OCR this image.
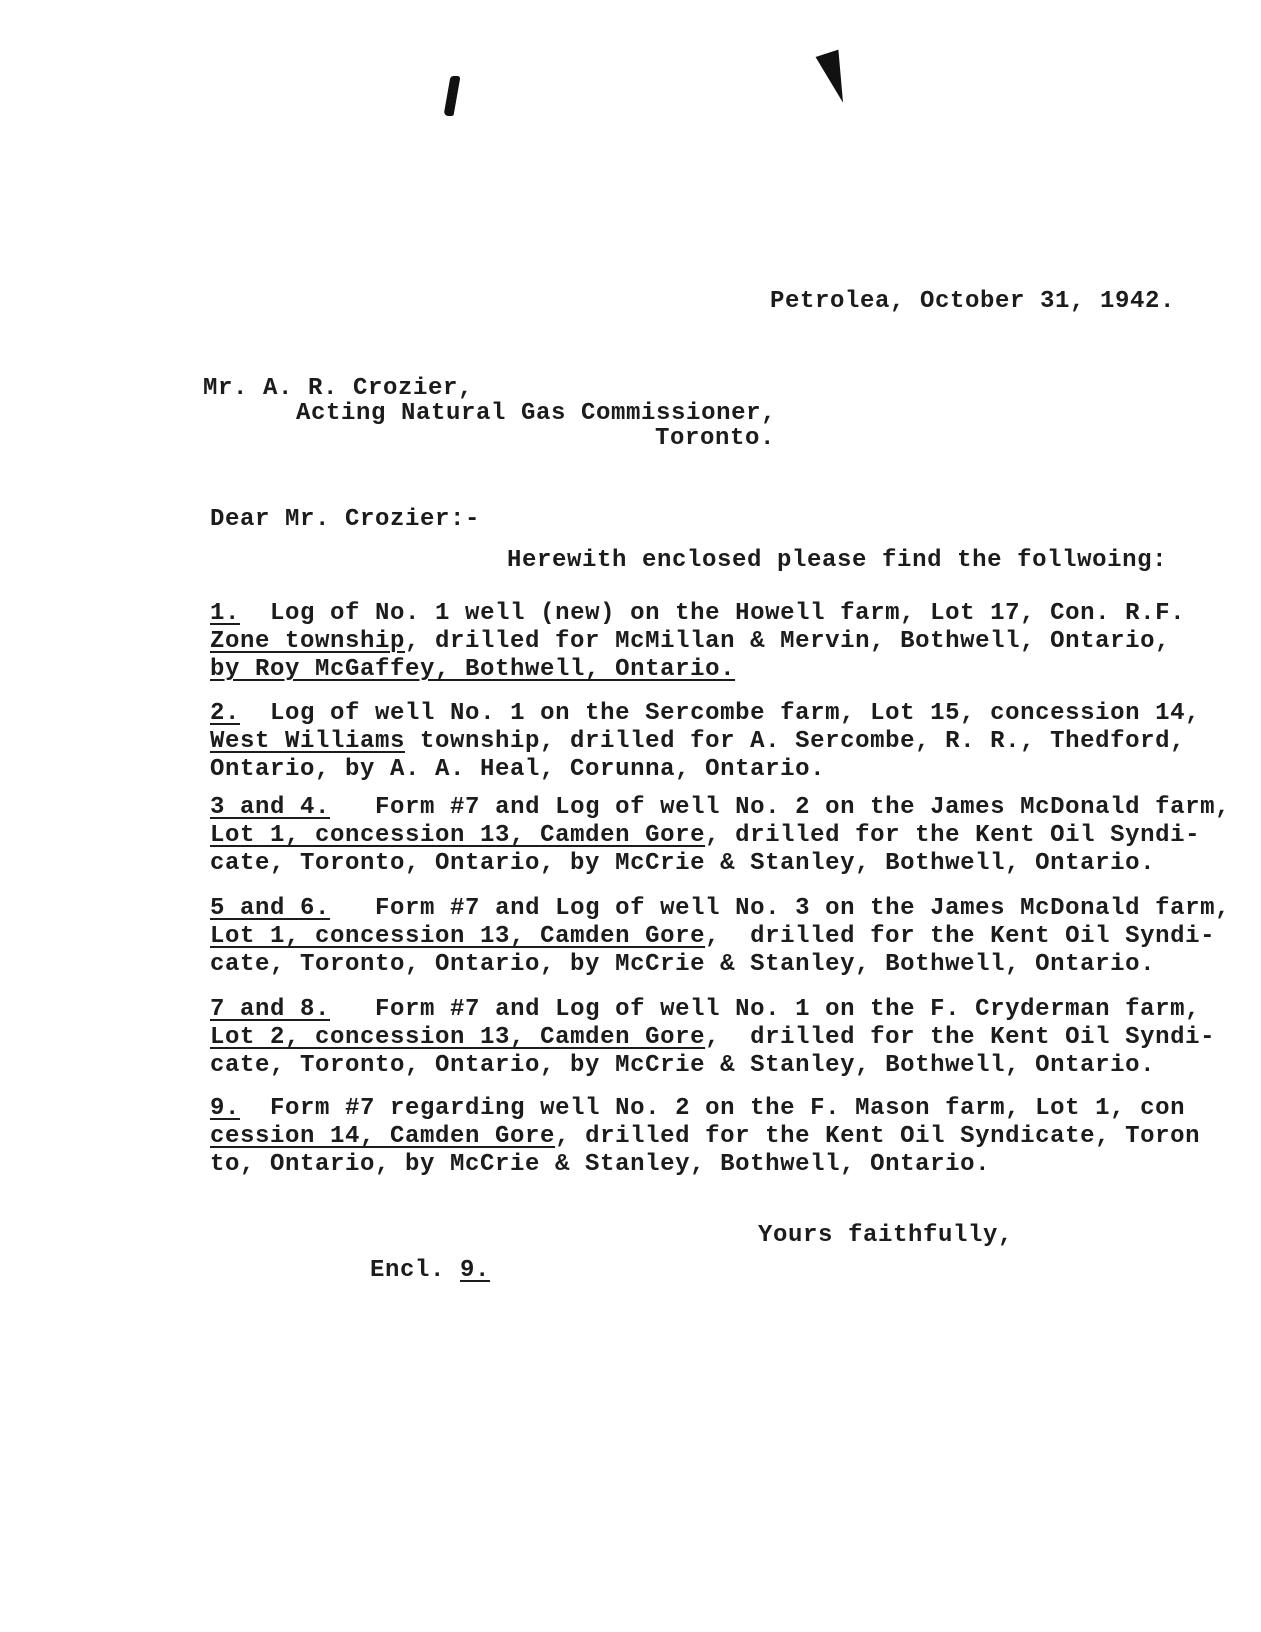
Petrolea, October 31, 1942.

Mr. A. R. Crozier,

Acting Natural Gas Commissioner,

Toronto.

Dear Mr. Crozier:-

Herewith enclosed please find the follwoing:

1. Log of No. 1 well (new) on the Howell farm, Lot 17, Con. R.F.
Zone township, drilled for McMillan & Mervin, Bothwell, Ontario,
by Roy McGaffey, Bothwell, Ontario.
2. Log of well No. 1 on the Sercombe farm, Lot 15, concession 14,
West Williams township, drilled for A. Sercombe, R. R., Thedford,
Ontario, by A. A. Heal, Corunna, Ontario.
3 and 4. Form #7 and Log of well No. 2 on the James McDonald farm,
Lot 1, concession 13, Camden Gore, drilled for the Kent Oil Syndi-
cate, Toronto, Ontario, by McCrie & Stanley, Bothwell, Ontario.
5 and 6. Form #7 and Log of well No. 3 on the James McDonald farm,
Lot 1, concession 13, Camden Gore,  drilled for the Kent Oil Syndi-
cate, Toronto, Ontario, by McCrie & Stanley, Bothwell, Ontario.
7 and 8. Form #7 and Log of well No. 1 on the F. Cryderman farm,
Lot 2, concession 13, Camden Gore,  drilled for the Kent Oil Syndi-
cate, Toronto, Ontario, by McCrie & Stanley, Bothwell, Ontario.
9. Form #7 regarding well No. 2 on the F. Mason farm, Lot 1, con
cession 14, Camden Gore, drilled for the Kent Oil Syndicate, Toron
to, Ontario, by McCrie & Stanley, Bothwell, Ontario.

Yours faithfully,

Encl. 9.
